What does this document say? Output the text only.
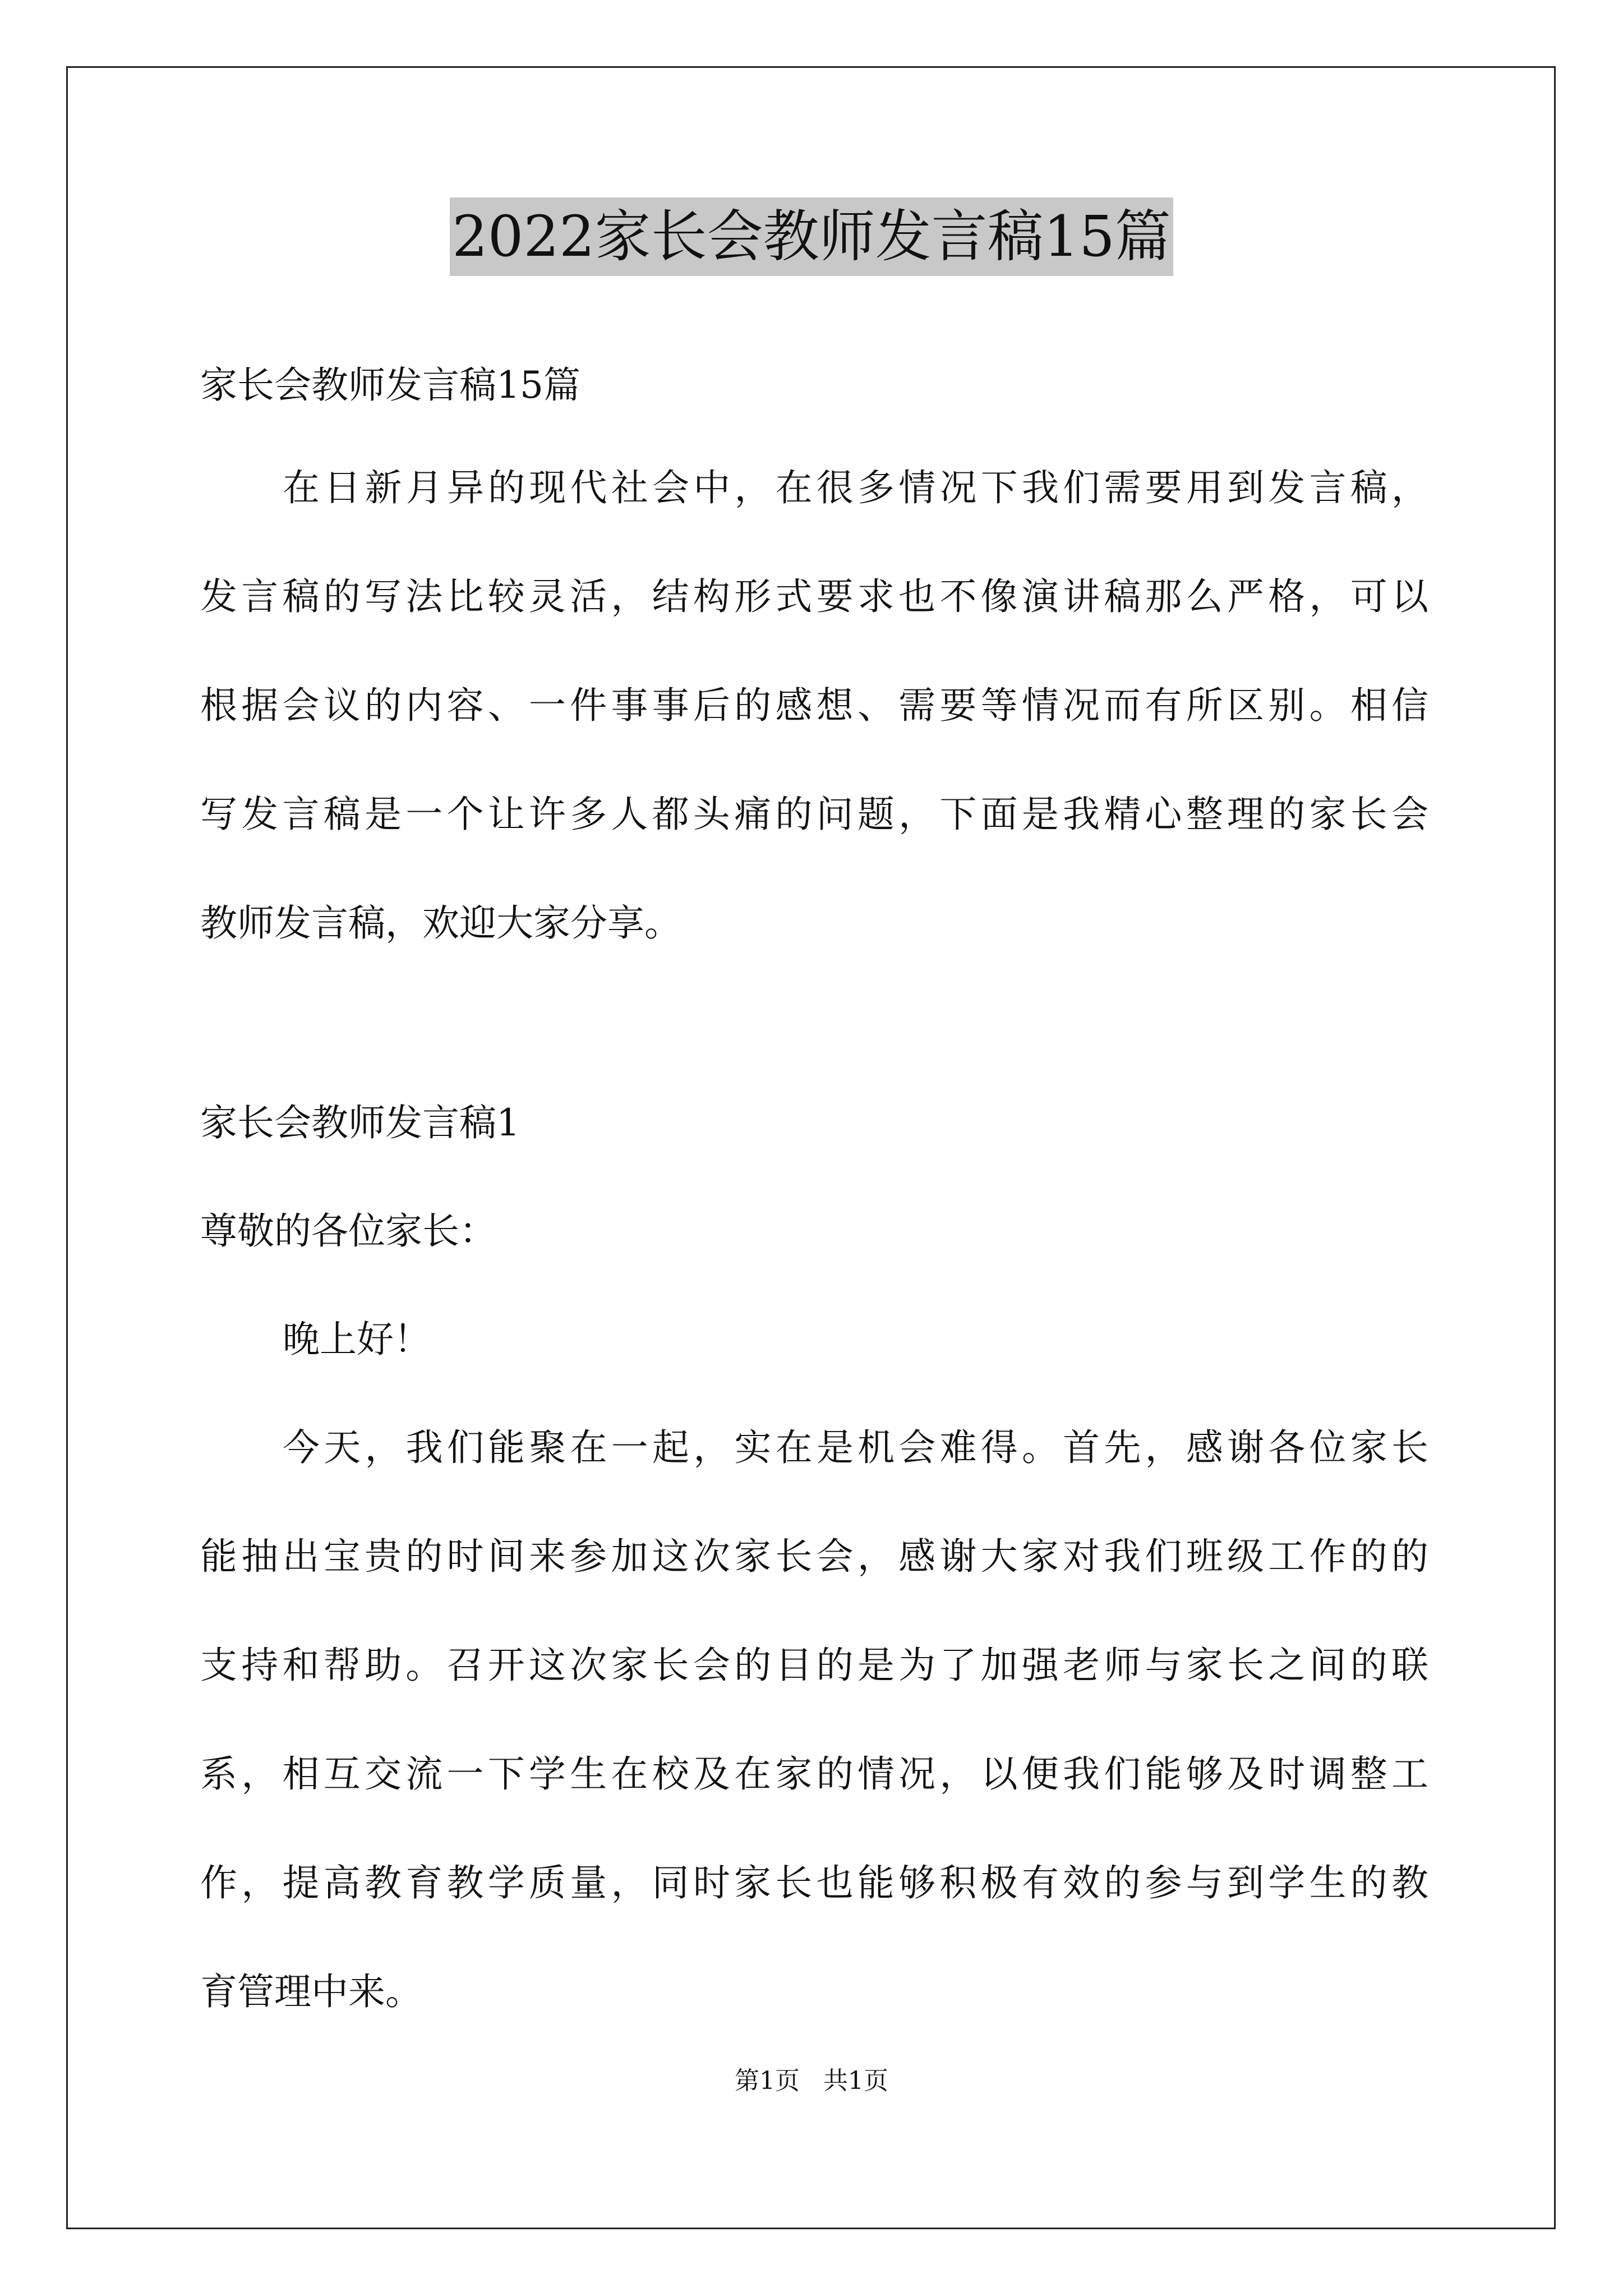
2022家长会教师发言稿15篇

家长会教师发言稿15篇

在日新月异的现代社会中，在很多情况下我们需要用到发言稿，
发言稿的写法比较灵活，结构形式要求也不像演讲稿那么严格，可以
根据会议的内容、一件事事后的感想、需要等情况而有所区别。相信
写发言稿是一个让许多人都头痛的问题，下面是我精心整理的家长会
教师发言稿，欢迎大家分享。

家长会教师发言稿1

尊敬的各位家长：

晚上好！

今天，我们能聚在一起，实在是机会难得。首先，感谢各位家长
能抽出宝贵的时间来参加这次家长会，感谢大家对我们班级工作的的
支持和帮助。召开这次家长会的目的是为了加强老师与家长之间的联
系，相互交流一下学生在校及在家的情况，以便我们能够及时调整工
作，提高教育教学质量，同时家长也能够积极有效的参与到学生的教
育管理中来。
第1页   共1页
